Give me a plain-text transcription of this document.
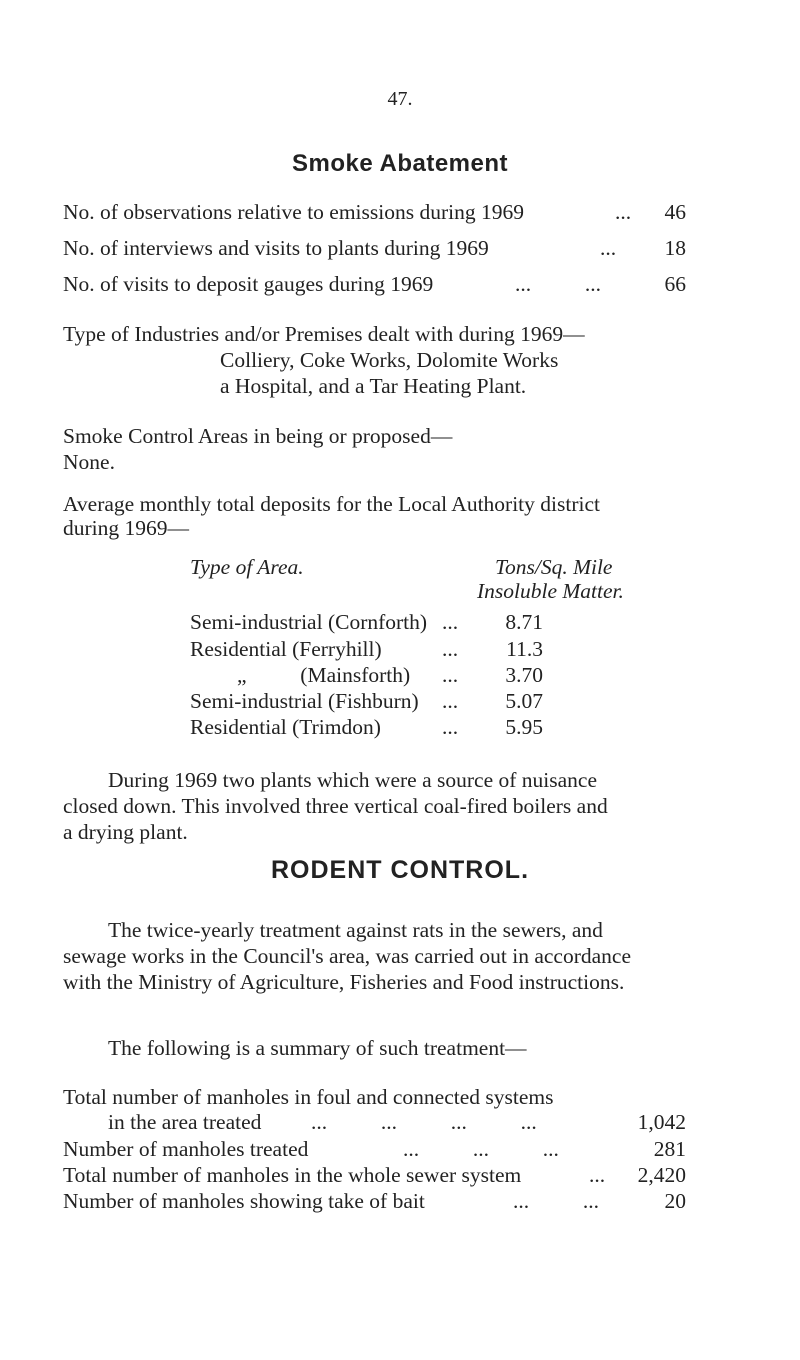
47.
Smoke Abatement
No. of observations relative to emissions during 1969	... 46
No. of interviews and visits to plants during 1969	... 18
No. of visits to deposit gauges during 1969	...          ...	66
Type of Industries and/or Premises dealt with during 1969—
Colliery, Coke Works, Dolomite Works
a Hospital, and a Tar Heating Plant.
Smoke Control Areas in being or proposed—
None.
Average monthly total deposits for the Local Authority district
during 1969—
Type of Area.	Tons/Sq. Mile
Insoluble Matter.
Semi-industrial (Cornforth) ... 8.71
Residential (Ferryhill)	... 11.3
„          (Mainsforth) ... 3.70
Semi-industrial (Fishburn) ... 5.07
Residential (Trimdon)	... 5.95
During 1969 two plants which were a source of nuisance
closed down. This involved three vertical coal-fired boilers and
a drying plant.
RODENT CONTROL.
The twice-yearly treatment against rats in the sewers, and
sewage works in the Council's area, was carried out in accordance
with the Ministry of Agriculture, Fisheries and Food instructions.
The following is a summary of such treatment—
Total number of manholes in foul and connected systems
in the area treated ...          ...          ...          ...	1,042
Number of manholes treated	...          ...          ...	281
Total number of manholes in the whole sewer system	... 2,420
Number of manholes showing take of bait	...          ...	20
